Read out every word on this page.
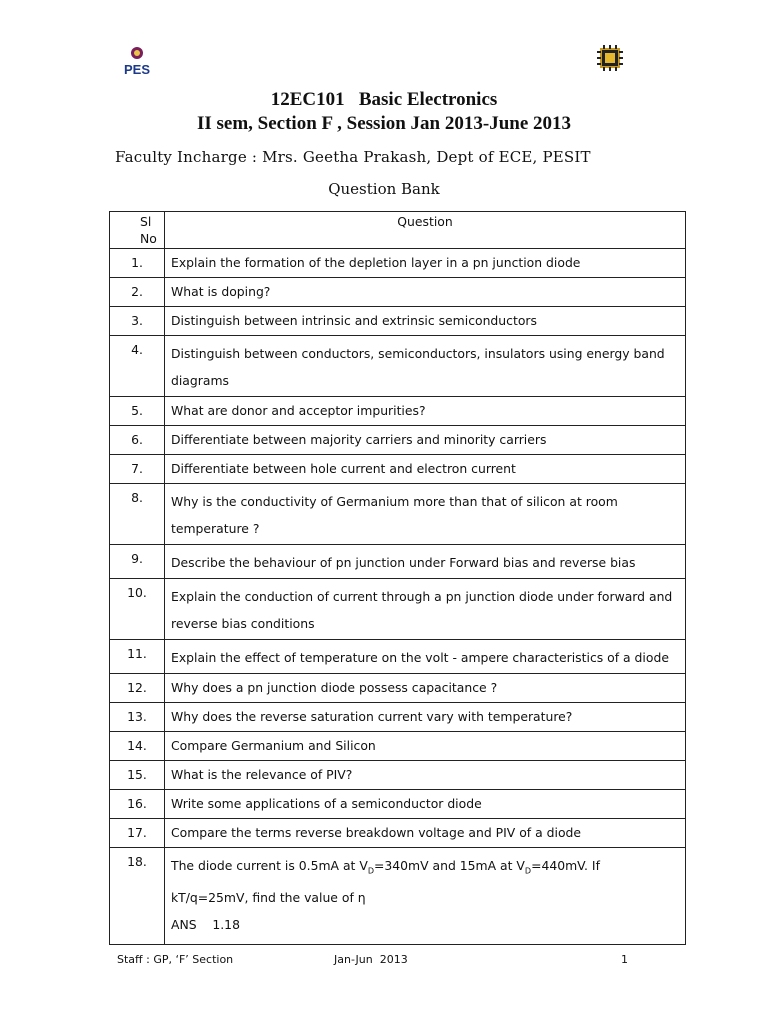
PES
12EC101   Basic Electronics
II sem, Section F , Session Jan 2013-June 2013
Faculty Incharge : Mrs. Geetha Prakash, Dept of ECE, PESIT
Question Bank
Sl No	Question
1.	Explain the formation of the depletion layer in a pn junction diode
2.	What is doping?
3.	Distinguish between intrinsic and extrinsic semiconductors
4.	Distinguish between conductors, semiconductors, insulators using energy band diagrams
5.	What are donor and acceptor impurities?
6.	Differentiate between majority carriers and minority carriers
7.	Differentiate between hole current and electron current
8.	Why is the conductivity of Germanium more than that of silicon at room temperature ?
9.	Describe the behaviour of pn junction under Forward bias and reverse bias
10.	Explain the conduction of current through a pn junction diode under forward and reverse bias conditions
11.	Explain the effect of temperature on the volt - ampere characteristics of a diode
12.	Why does a pn junction diode possess capacitance ?
13.	Why does the reverse saturation current vary with temperature?
14.	Compare Germanium and Silicon
15.	What is the relevance of PIV?
16.	Write some applications of a semiconductor diode
17.	Compare the terms reverse breakdown voltage and PIV of a diode
18.	The diode current is 0.5mA at $V_D=340mV$ and 15mA at $V_D=440mV$. If
kT/q=25mV, find the value of η
ANS    1.18
Staff : GP, ‘F’ Section	Jan-Jun  2013	1
